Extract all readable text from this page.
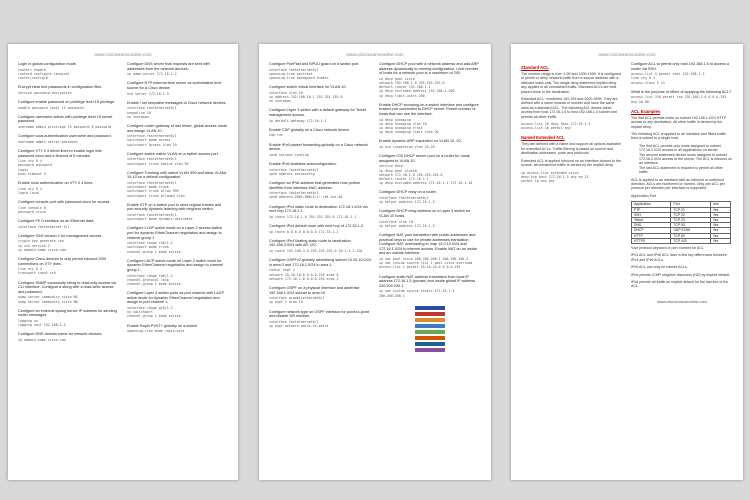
www.ciscoexamsonline.com
Login in global configuration mode.
router> enable
router# configure terminal
router(config)#
Encrypt clear text passwords in configuration files.
service password-encryption
Configure enable password on privilege level 15 privilege.
enable password level 15 password
Configure username admin with privilege level 15 secret password.
username admin privilege 15 password 0 password
Configure local authentication username and password.
username admin secret password
Configure VTY 0 4 telnet lines to enable login with password cisco and a timeout of 5 minutes.
line vty 0 4
password password
login
exec-timeout 5
Enable local authentication on VTY 0 4 lines.
line vty 0 4
login local
Configure console port with password cisco for access.
line console 0
password cisco
Configure FE 0 interface as an Ethernet data.
interface fastethernet 0/1
Configure SSH version 2 for management access.
crypto key generate rsa
ip ssh version 2
ip domain-name cisco.com
Configure Cisco devices to only permit inbound SSH connections on VTY lines.
line vty 0 4
transport input ssh
Configure SNMP community string to read-only access via CLI interface. Configure a string with a read-write access and password.
snmp-server community cisco RO
snmp-server community cisco RW
Configure an external syslog server IP address for sending router messages.
logging on
logging host 192.168.1.5
Configure DNS domain name for network devices.
ip domain-name cisco.com
Configure DNS server that requests are sent with addresses from the network devices.
ip name-server 172.16.1.2
Configure NTP external time server as authoritative time source for a Cisco device.
ntp server 172.16.1.3
Enable / set keepalive messages of Cisco network devices.
interface fastethernet0/1
keepalive 10
no shutdown
Configure router gateway of last resort, global access mode and assign VLAN 10.
interface fastethernet0/1
switchport mode access
switchport access vlan 10
Configure switch native VLAN on a switch access port.
interface fastethernet0/1
switchport trunk native vlan 99
Configure Trunking with native VLAN 999 and allow VLANs 10-10 on a default configuration.
interface fastethernet0/1
switchport mode trunk
switchport trunk allow 999
switchport trunk allowed vlan
Enable STP on a switch port to send regular frames and port security dynamic learning with neighbor switch.
interface fastethernet0/1
switchport mode dynamic desirable
Configure LLDP active mode on a Layer 2 access switch port for dynamic EtherChannel negotiation and assign to channel group 1.
interface range fa0/1-2
switchport mode trunk
channel-group 1 mode active
Configure LACP active mode on Layer 2 switch trunk for dynamic EtherChannel negotiation and assign to channel group 1.
interface range fa0/1-2
channel-protocol lacp
channel-group 1 mode active
Configure Layer 3 switch ports as port channel with LACP active mode for dynamic EtherChannel negotiation and assign to port channel 1.
interface range gi0/1-2
no switchport
channel-group 1 mode active
Enable Rapid PVST+ globally on a switch.
spanning-tree mode rapid-pvst
www.ciscoexamsonline.com
Configure PortFast and BPDU guard on a switch port.
interface fastethernet0/1
spanning-tree portfast
spanning-tree bpduguard enable
Configure switch virtual interface for VLAN 10.
interface vlan 10
ip address 192.168.10.1 255.255.255.0
no shutdown
Configure Layer 3 switch with a default gateway for Telnet management access.
ip default-gateway 172.16.1.1
Enable CDP globally on a Cisco network device.
cdp run
Enable IPv6 packet forwarding globally on a Cisco network device.
ipv6 unicast-routing
Enable IPv6 stateless autoconfiguration.
interface fastethernet0/1
ipv6 address autoconfig
Configure an IPv6 address that generates host portion identifier from interface MAC address.
interface fastethernet0/1
ipv6 address 2001:DB8:A:1::/64 eui-64
Configure IPv4 static route to destination 172.16.1.0/24 via next hop 172.16.2.1.
ip route 172.16.1.0 255.255.255.0 172.16.2.1
Configure IPv4 default route with next hop of 172.33.1.2.
ip route 0.0.0.0 0.0.0.0 172.33.1.2
Configure IPv4 floating static route to destination 192.168.3.0/24 with AD 120.
ip route 192.168.3.0 255.255.255.0 10.1.1.2 120
Configure OSPFv2 globally advertising subnet 10.10.10.0/24 in area 0 and 172.16.1.0/24 in area 1.
router ospf 1
network 10.10.10.0 0.0.0.255 area 0
network 172.16.1.0 0.0.0.255 area 1
Configure OSPF on a physical interface and advertise 192.168.1.0/24 subnet to area 10.
interface gigabitethernet0/1
ip ospf 1 area 10
Configure network type on OSPF interface for point-to-point and disable DR election.
interface fastethernet0/1
ip ospf network point-to-point
Configure DHCP pool with a network address and add ARP address dynamically to running configuration. Limit number of hosts for a network pool to a maximum of 200.
ip dhcp pool cisco
network 192.168.1.0 255.255.255.0
default-router 192.168.1.1
ip dhcp excluded-address 192.168.1.200
ip dhcp limit-users 200
Enable DHCP snooping on a switch interface and configure trusted port connected to DHCP server. Permit number of hosts that can use the interface.
ip dhcp snooping
ip dhcp snooping vlan 10
ip dhcp snooping trust
ip dhcp snooping limit rate 20
Enable dynamic ARP inspection on VLAN 10, 20.
ip arp inspection vlan 10,20
Configure IOS DHCP server pool on a router for hosts assigned to VLAN 10.
service dhcp
ip dhcp pool vlan10
network 172.16.1.0 255.255.255.0
default-router 172.16.1.1
ip dhcp excluded-address 172.16.1.1 172.16.1.10
Configure DHCP relay on a router.
interface fastethernet0/1
ip helper-address 172.16.1.5
Configure DHCP relay address on a Layer 3 switch for VLAN 10 hosts.
interface vlan 10
ip helper-address 172.16.1.5
Configure NAT pool translation with public addresses and practical keys to use for private addresses translation. Configure NAT overloading to map 10.0.10.0/24 and 172.16.1.0/24 to internet access. Enable NAT on an inside and an outside interface.
ip nat pool cisco 200.200.200.1 200.200.200.2
ip nat inside source list 1 pool cisco overload
access-list 1 permit 10.10.10.0 0.0.0.255
Configure static NAT address translation from local IP address 172.16.1.5 (private) and inside global IP address 200.200.200.1.
ip nat inside source static 172.16.1.5 200.200.200.1
www.ciscoexamsonline.com
Standard ACL
The number range is from 1-99 and 1300-1999. It is configured to permit or deny network traffic from a source address with a wildcard mask only. The single deny statement implied deny any applies to all unmatched traffic. Standard ACLs are best placed close to the destination.
Extended ACL: numbered 100-199 and 2000-2699. They are defined with a name instead of number and have the same rules as a standard ACL. The following ACL denies telnet access from host 172.16.1.5 to host 192.168.1.0 subnet and permits all other traffic.
access-list 10 deny host 172.16.1.5
access-list 10 permit any
Named Extended ACL
They are defined with a name and support all options available for extended ACLs. Traffic filtering is based on source and destination addresses, ports and protocols.
Extended ACL is applied inbound on an interface closest to the source, all unmatched traffic is denied by the implicit deny.
ip access-list extended cisco
deny tcp host 172.16.1.5 any eq 23
permit ip any any
Configure ACL to permit only host 192.168.1.5 to access a router via SSH.
access-list 5 permit host 192.168.1.5
line vty 0 4
access-class 5 in
What is the purpose of effect of applying the following ACL?
access-list 150 permit tcp 192.168.1.0 0.0.0.255 any eq 80
ACL Examples
The first ACL permits hosts on subnet 192.168.1.0/24 HTTP access to any destination. All other traffic is denied by the implicit deny.
The following ACL is applied to an interface and filters traffic from a subnet to a single host.
• The first ACL permits only hosts assigned to subnet 172.16.1.0/24 access to all applications on server.
• The second statement denies hosts assigned to subnet 172.16.2.0/24 access to the server. The ACL is inbound on an interface.
• The last ACL statement is required to permit all other traffic.
ACL is applied to an interface with an inbound or outbound direction. ACLs are numbered or named. Only one ACL per protocol per direction per interface is supported.
Application Port
Application	Port	Use
FTP	TCP 21	Yes
SSH	TCP 22	Yes
Telnet	TCP 23	Yes
DNS	TCP 53	Yes
DHCP	UDP 67/68	Yes
HTTP	TCP 80	Yes
HTTPS	TCP 443	Yes
*use protocol keyword or port number for ACL
IPv4 ACL and IPv6 ACL have a few key differences between IPv4 and IPv6 ACLs.
IPv6 ACL can only be named ACLs.
IPv6 permits ICMP neighbor discovery (ND) by implicit default.
IPv6 permits all traffic as implicit default for the last line of the ACL.
www.ciscoexamsonline.com
